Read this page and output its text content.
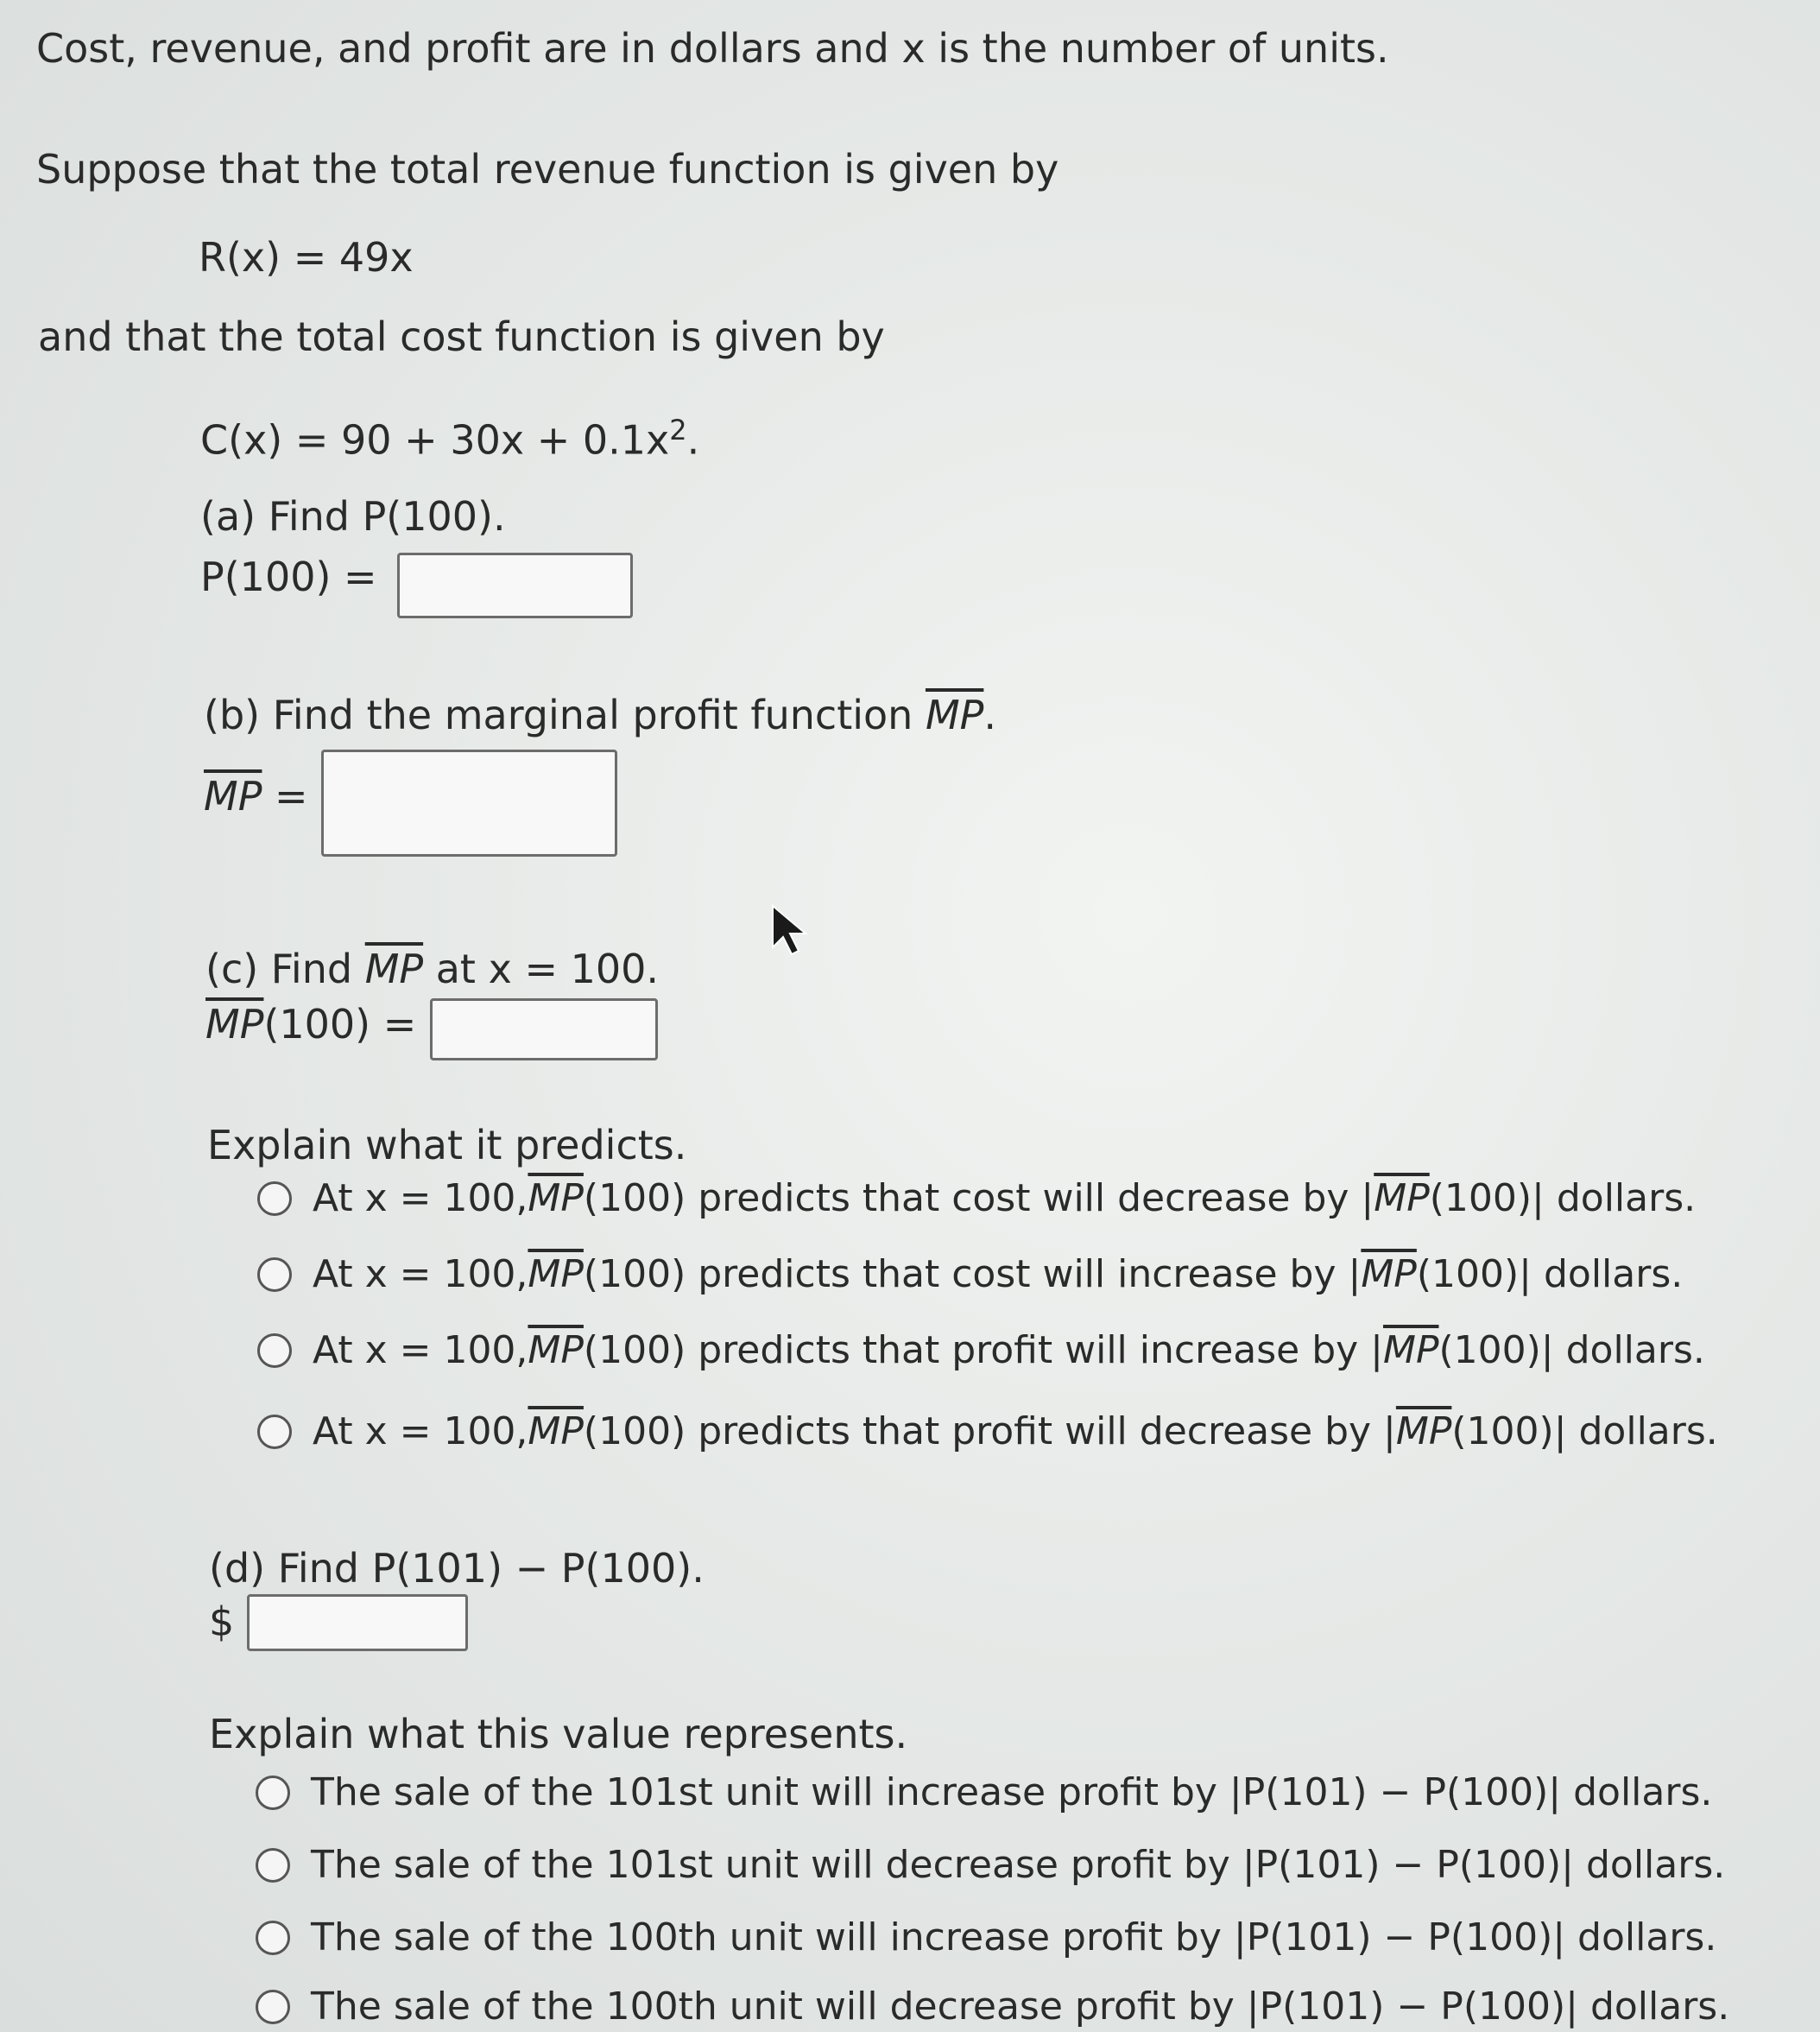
Cost, revenue, and profit are in dollars and x is the number of units.
Suppose that the total revenue function is given by
R(x) = 49x
and that the total cost function is given by
$C(x) = 90 + 30x + 0.1x^2$.
(a) Find P(100).
P(100) =
(b) Find the marginal profit function $\overline{MP}$.
$\overline{MP}$ =
(c) Find $\overline{MP}$ at x = 100.
$\overline{MP}(100)$ =
Explain what it predicts.
At x = 100, $\overline{MP}$ (100) predicts that cost will decrease by | $\overline{MP}$ (100)| dollars.
At x = 100, $\overline{MP}$ (100) predicts that cost will increase by | $\overline{MP}$ (100)| dollars.
At x = 100, $\overline{MP}$ (100) predicts that profit will increase by | $\overline{MP}$ (100)| dollars.
At x = 100, $\overline{MP}$ (100) predicts that profit will decrease by | $\overline{MP}$ (100)| dollars.
(d) Find P(101) − P(100).
$
Explain what this value represents.
The sale of the 101st unit will increase profit by |P(101) − P(100)| dollars.
The sale of the 101st unit will decrease profit by |P(101) − P(100)| dollars.
The sale of the 100th unit will increase profit by |P(101) − P(100)| dollars.
The sale of the 100th unit will decrease profit by |P(101) − P(100)| dollars.
